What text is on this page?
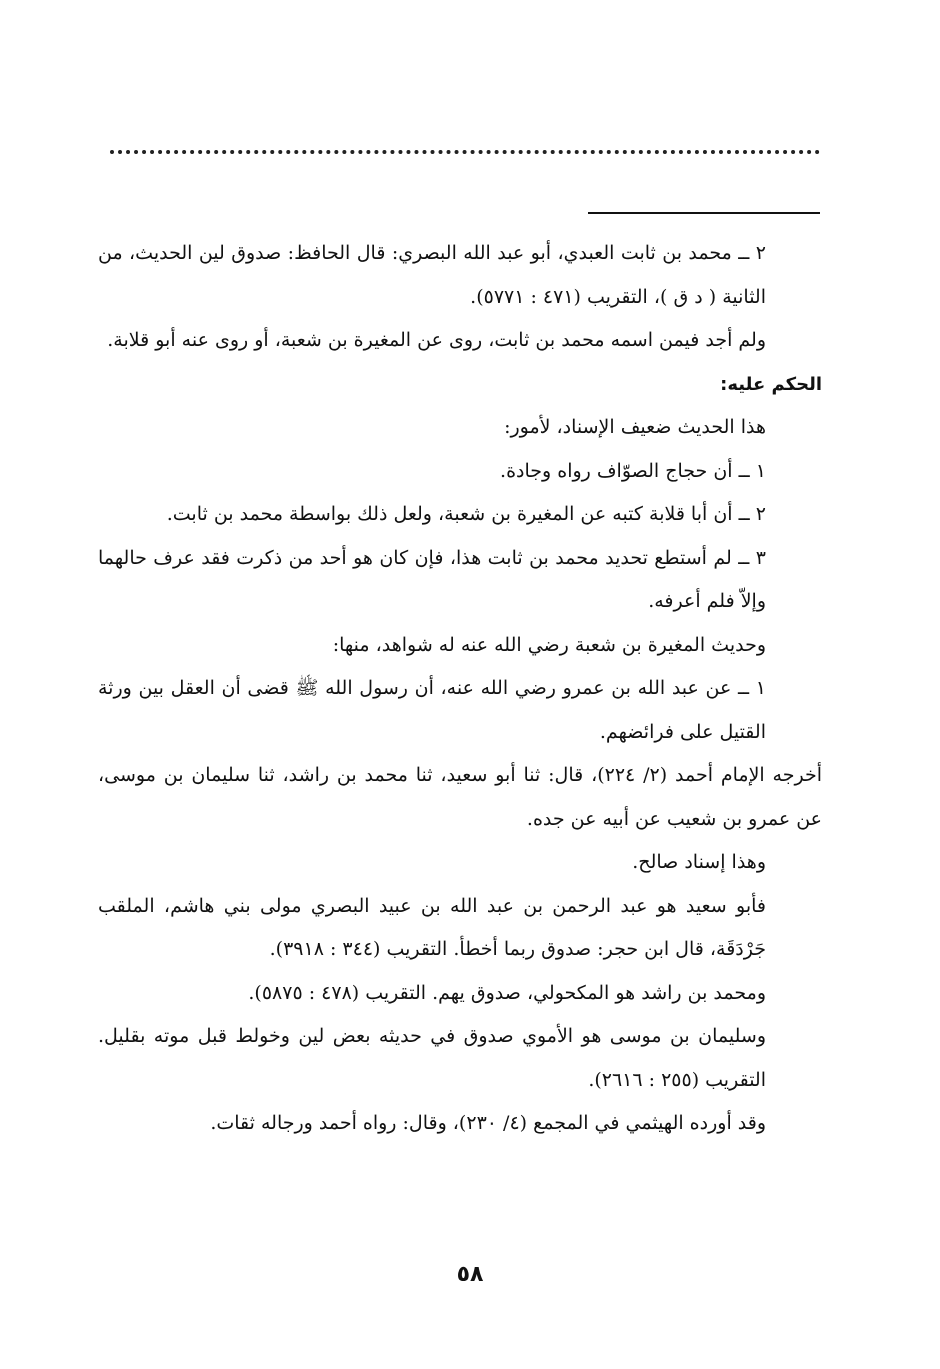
٢ ــ محمد بن ثابت العبدي، أبو عبد الله البصري: قال الحافظ: صدوق لين الحديث، من الثانية ( د ق )، التقريب (٤٧١ : ٥٧٧١).

ولم أجد فيمن اسمه محمد بن ثابت، روى عن المغيرة بن شعبة، أو روى عنه أبو قلابة.

الحكم عليه:

هذا الحديث ضعيف الإسناد، لأمور:

١ ــ أن حجاج الصوّاف رواه وجادة.

٢ ــ أن أبا قلابة كتبه عن المغيرة بن شعبة، ولعل ذلك بواسطة محمد بن ثابت.

٣ ــ لم أستطع تحديد محمد بن ثابت هذا، فإن كان هو أحد من ذكرت فقد عرف حالهما وإلاّ فلم أعرفه.

وحديث المغيرة بن شعبة رضي الله عنه له شواهد، منها:

١ ــ عن عبد الله بن عمرو رضي الله عنه، أن رسول الله ﷺ قضى أن العقل بين ورثة القتيل على فرائضهم.

أخرجه الإمام أحمد (٢/ ٢٢٤)، قال: ثنا أبو سعيد، ثنا محمد بن راشد، ثنا سليمان بن موسى، عن عمرو بن شعيب عن أبيه عن جده.

وهذا إسناد صالح.

فأبو سعيد هو عبد الرحمن بن عبد الله بن عبيد البصري مولى بني هاشم، الملقب جَرْدَقَة، قال ابن حجر: صدوق ربما أخطأ. التقريب (٣٤٤ : ٣٩١٨).

ومحمد بن راشد هو المكحولي، صدوق يهم. التقريب (٤٧٨ : ٥٨٧٥).

وسليمان بن موسى هو الأموي صدوق في حديثه بعض لين وخولط قبل موته بقليل. التقريب (٢٥٥ : ٢٦١٦).

وقد أورده الهيثمي في المجمع (٤/ ٢٣٠)، وقال: رواه أحمد ورجاله ثقات.

٥٨
